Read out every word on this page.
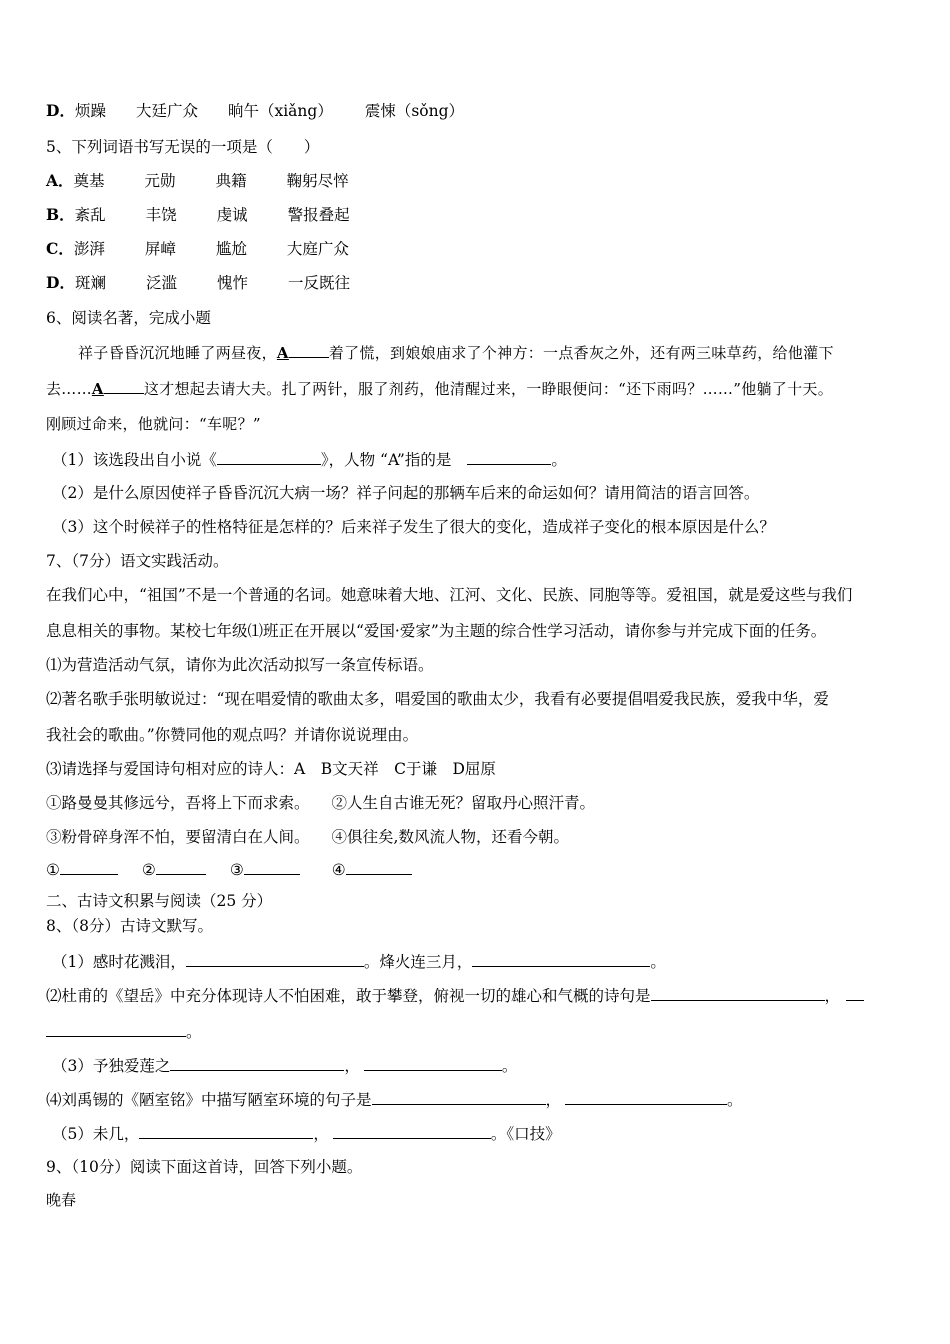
D．烦躁 大廷广众 晌午（xiǎng） 震悚（sǒng）
5、下列词语书写无误的一项是（　　）
A．奠基	元勋	典籍	鞠躬尽悴
B．紊乱	丰饶	虔诚	警报叠起
C．澎湃	屏嶂	尴尬	大庭广众
D．斑斓	泛滥	愧怍	一反既往
6、阅读名著，完成小题
祥子昏昏沉沉地睡了两昼夜，A	着了慌，到娘娘庙求了个神方：一点香灰之外，还有两三味草药，给他灌下
去……A	这才想起去请大夫。扎了两针，服了剂药，他清醒过来，一睁眼便问：“还下雨吗？……”他躺了十天。
刚顾过命来，他就问：“车呢？”
（1）该选段出自小说《	》，人物 “A”指的是	。
（2）是什么原因使祥子昏昏沉沉大病一场？祥子问起的那辆车后来的命运如何？请用简洁的语言回答。
（3）这个时候祥子的性格特征是怎样的？后来祥子发生了很大的变化，造成祥子变化的根本原因是什么？
7、（7分）语文实践活动。
在我们心中，“祖国”不是一个普通的名词。她意味着大地、江河、文化、民族、同胞等等。爱祖国，就是爱这些与我们
息息相关的事物。某校七年级⑴班正在开展以“爱国·爱家”为主题的综合性学习活动，请你参与并完成下面的任务。
⑴为营造活动气氛，请你为此次活动拟写一条宣传标语。
⑵著名歌手张明敏说过：“现在唱爱情的歌曲太多，唱爱国的歌曲太少，我看有必要提倡唱爱我民族，爱我中华，爱
我社会的歌曲。”你赞同他的观点吗？并请你说说理由。
⑶请选择与爱国诗句相对应的诗人：A　B文天祥　C于谦　D屈原
①路曼曼其修远兮，吾将上下而求索。 ②人生自古谁无死？留取丹心照汗青。
③粉骨碎身浑不怕，要留清白在人间。 ④俱往矣,数风流人物，还看今朝。
①	②	③	④
二、古诗文积累与阅读（25 分）
8、（8分）古诗文默写。
（1）感时花溅泪，	。烽火连三月，	。
⑵杜甫的《望岳》中充分体现诗人不怕困难，敢于攀登，俯视一切的雄心和气概的诗句是	，
。
（3）予独爱莲之	，	。
⑷刘禹锡的《陋室铭》中描写陋室环境的句子是	，	。
（5）未几，	，	。《口技》
9、（10分）阅读下面这首诗，回答下列小题。
晚春
